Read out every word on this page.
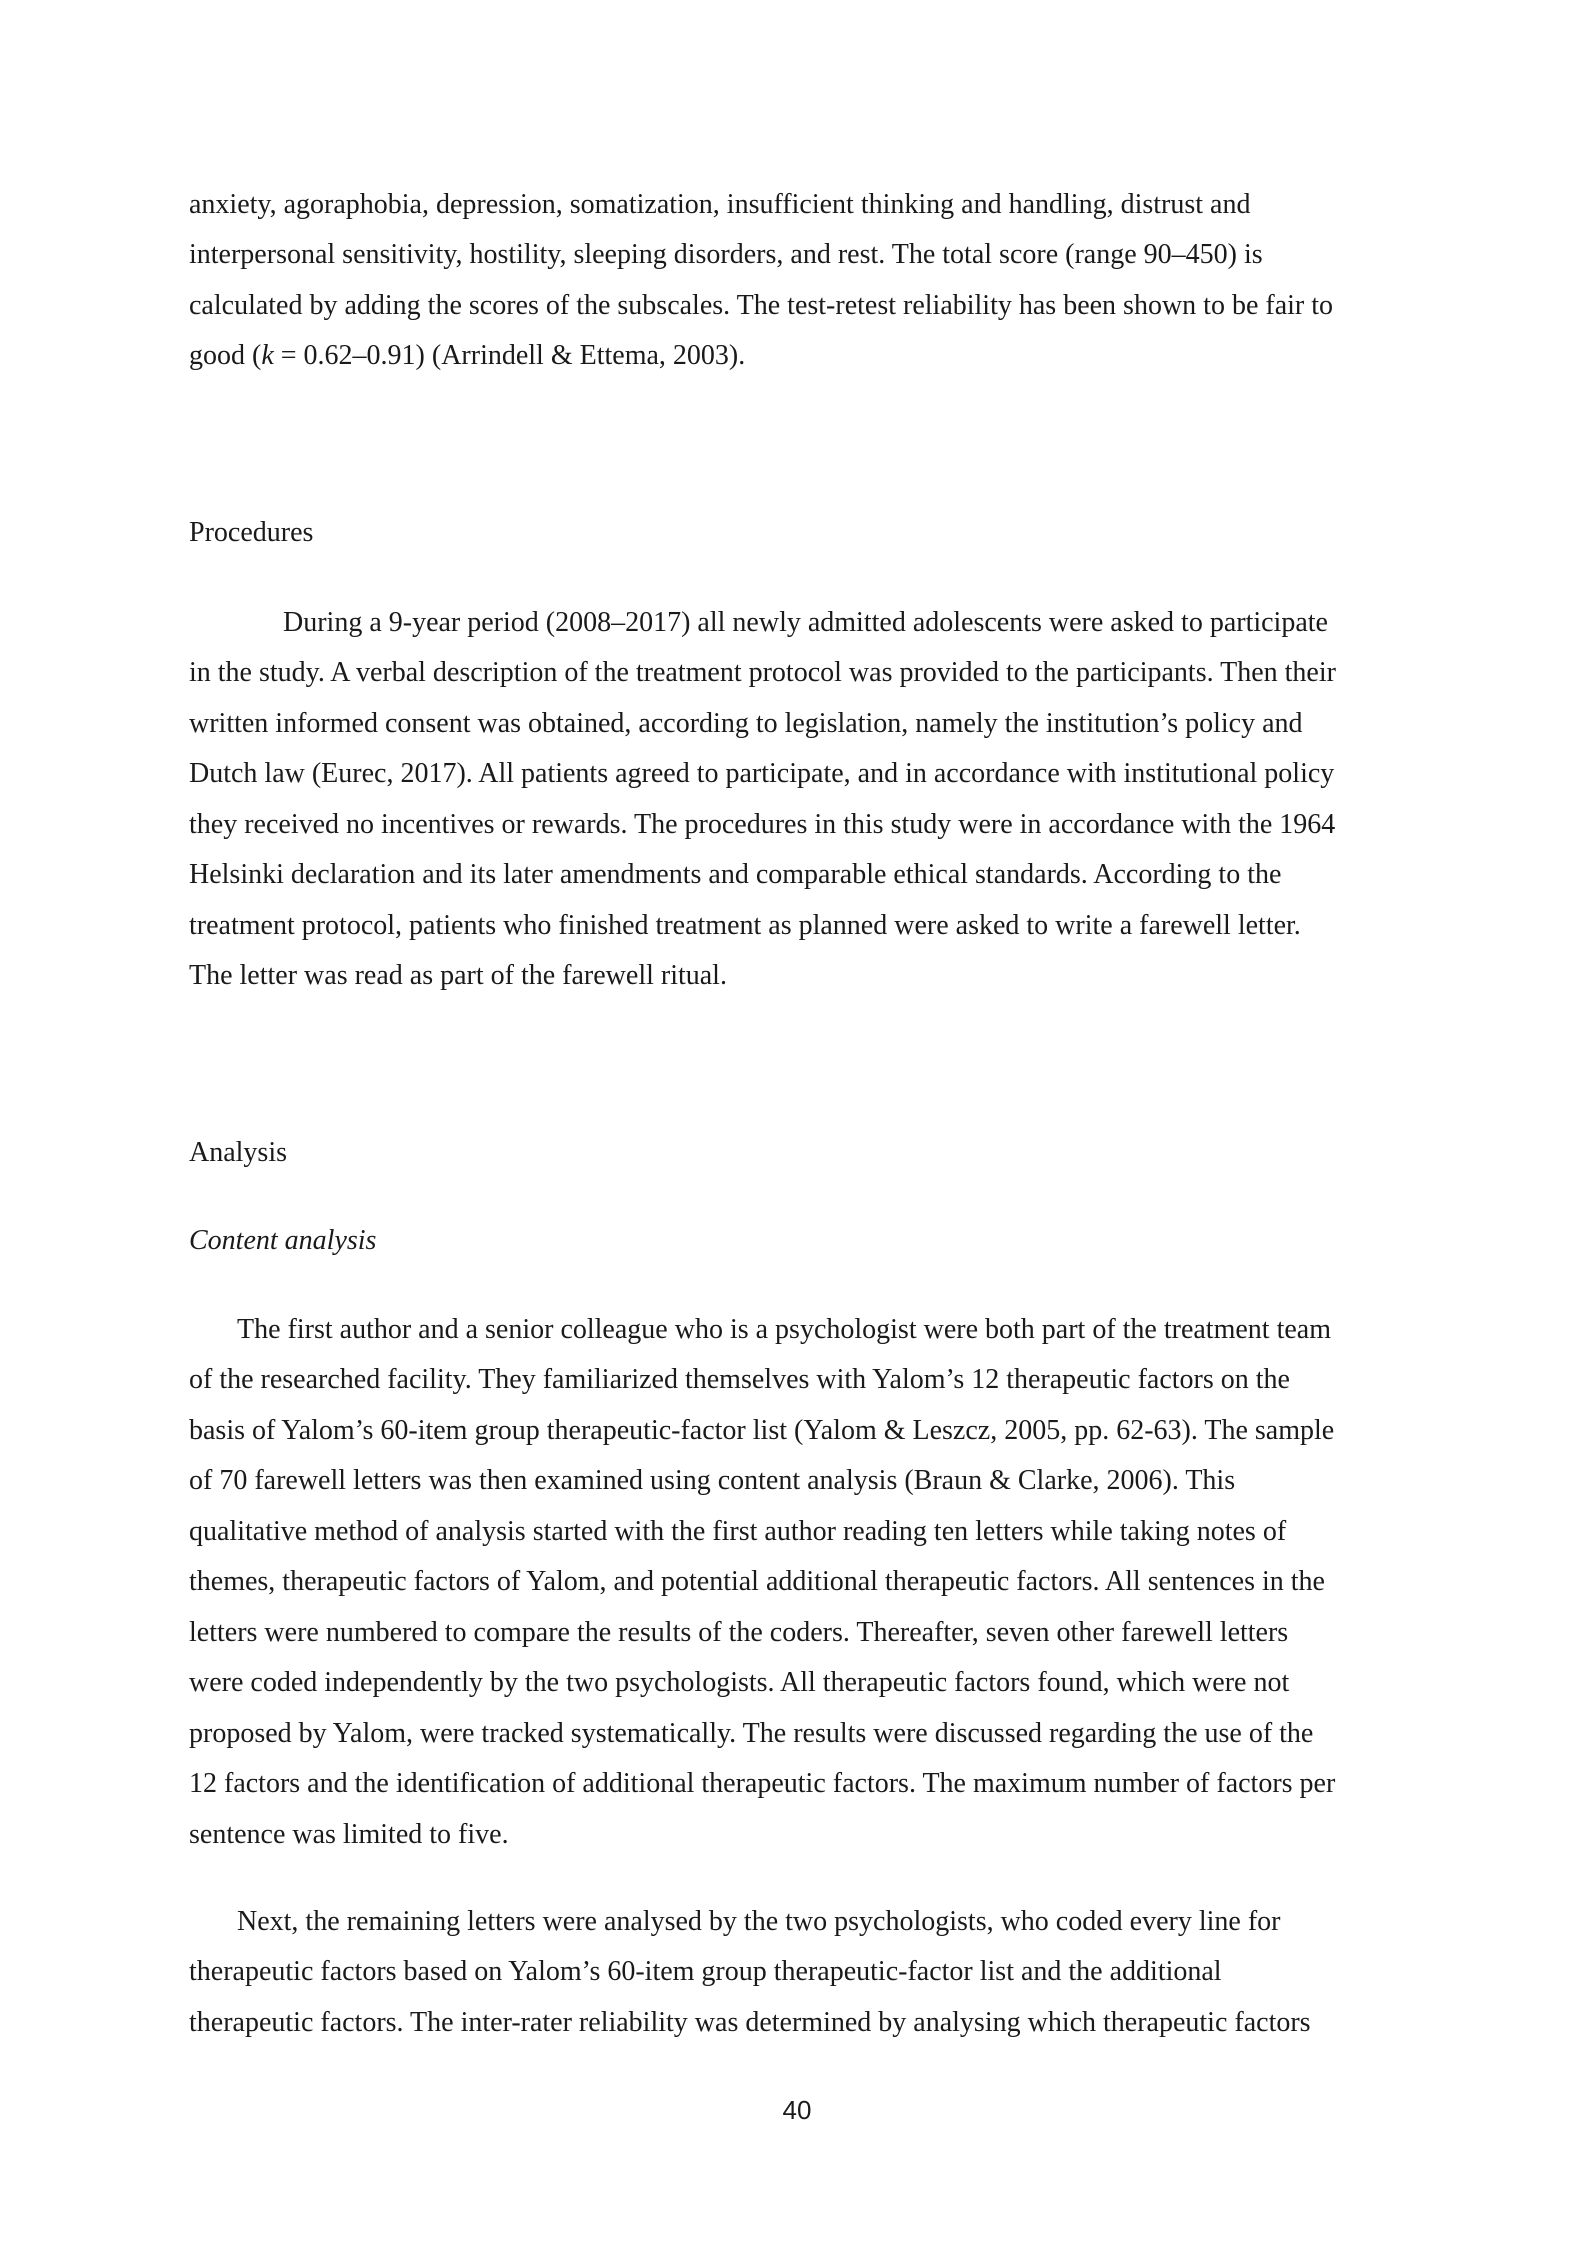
anxiety, agoraphobia, depression, somatization, insufficient thinking and handling, distrust and

interpersonal sensitivity, hostility, sleeping disorders, and rest. The total score (range 90–450) is

calculated by adding the scores of the subscales. The test-retest reliability has been shown to be fair to

good (k = 0.62–0.91) (Arrindell & Ettema, 2003).

Procedures

During a 9-year period (2008–2017) all newly admitted adolescents were asked to participate

in the study. A verbal description of the treatment protocol was provided to the participants. Then their

written informed consent was obtained, according to legislation, namely the institution’s policy and

Dutch law (Eurec, 2017). All patients agreed to participate, and in accordance with institutional policy

they received no incentives or rewards. The procedures in this study were in accordance with the 1964

Helsinki declaration and its later amendments and comparable ethical standards. According to the

treatment protocol, patients who finished treatment as planned were asked to write a farewell letter.

The letter was read as part of the farewell ritual.

Analysis
Content analysis

The first author and a senior colleague who is a psychologist were both part of the treatment team

of the researched facility. They familiarized themselves with Yalom’s 12 therapeutic factors on the

basis of Yalom’s 60-item group therapeutic-factor list (Yalom & Leszcz, 2005, pp. 62-63). The sample

of 70 farewell letters was then examined using content analysis (Braun & Clarke, 2006). This

qualitative method of analysis started with the first author reading ten letters while taking notes of

themes, therapeutic factors of Yalom, and potential additional therapeutic factors. All sentences in the

letters were numbered to compare the results of the coders. Thereafter, seven other farewell letters

were coded independently by the two psychologists. All therapeutic factors found, which were not

proposed by Yalom, were tracked systematically. The results were discussed regarding the use of the

12 factors and the identification of additional therapeutic factors. The maximum number of factors per

sentence was limited to five.

Next, the remaining letters were analysed by the two psychologists, who coded every line for

therapeutic factors based on Yalom’s 60-item group therapeutic-factor list and the additional

therapeutic factors. The inter-rater reliability was determined by analysing which therapeutic factors

40
